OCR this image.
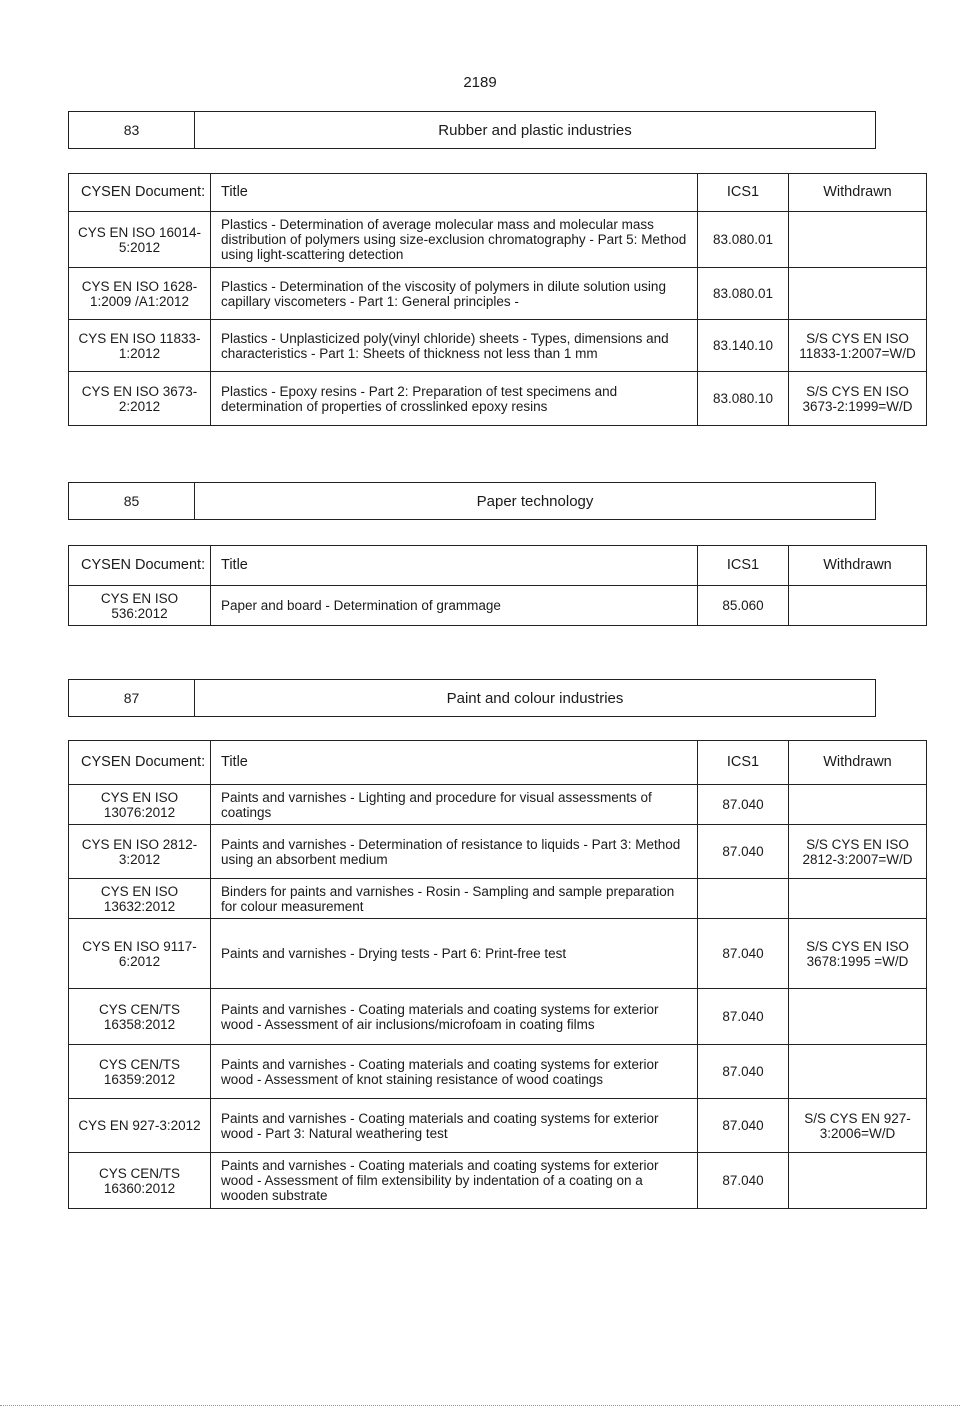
2189
83	Rubber and plastic industries
CYSEN Document:	Title	ICS1	Withdrawn
CYS EN ISO 16014-5:2012	Plastics - Determination of average molecular mass and molecular mass distribution of polymers using size-exclusion chromatography - Part 5: Method using light-scattering detection	83.080.01	
CYS EN ISO 1628-1:2009 /A1:2012	Plastics - Determination of the viscosity of polymers in dilute solution using capillary viscometers - Part 1: General principles -	83.080.01	
CYS EN ISO 11833-1:2012	Plastics - Unplasticized poly(vinyl chloride) sheets - Types, dimensions and characteristics - Part 1: Sheets of thickness not less than 1 mm	83.140.10	S/S CYS EN ISO 11833-1:2007=W/D
CYS EN ISO 3673-2:2012	Plastics - Epoxy resins - Part 2: Preparation of test specimens and determination of properties of crosslinked epoxy resins	83.080.10	S/S CYS EN ISO 3673-2:1999=W/D
85	Paper technology
CYSEN Document:	Title	ICS1	Withdrawn
CYS EN ISO 536:2012	Paper and board - Determination of grammage	85.060	
87	Paint and colour industries
CYSEN Document:	Title	ICS1	Withdrawn
CYS EN ISO 13076:2012	Paints and varnishes - Lighting and procedure for visual assessments of coatings	87.040	
CYS EN ISO 2812-3:2012	Paints and varnishes - Determination of resistance to liquids - Part 3: Method using an absorbent medium	87.040	S/S CYS EN ISO 2812-3:2007=W/D
CYS EN ISO 13632:2012	Binders for paints and varnishes - Rosin - Sampling and sample preparation for colour measurement		
CYS EN ISO 9117-6:2012	Paints and varnishes - Drying tests - Part 6: Print-free test	87.040	S/S CYS EN ISO 3678:1995 =W/D
CYS CEN/TS 16358:2012	Paints and varnishes - Coating materials and coating systems for exterior wood - Assessment of air inclusions/microfoam in coating films	87.040	
CYS CEN/TS 16359:2012	Paints and varnishes - Coating materials and coating systems for exterior wood - Assessment of knot staining resistance of wood coatings	87.040	
CYS EN 927-3:2012	Paints and varnishes - Coating materials and coating systems for exterior wood - Part 3: Natural weathering test	87.040	S/S CYS EN 927-3:2006=W/D
CYS CEN/TS 16360:2012	Paints and varnishes - Coating materials and coating systems for exterior wood - Assessment of film extensibility by indentation of a coating on a wooden substrate	87.040	
